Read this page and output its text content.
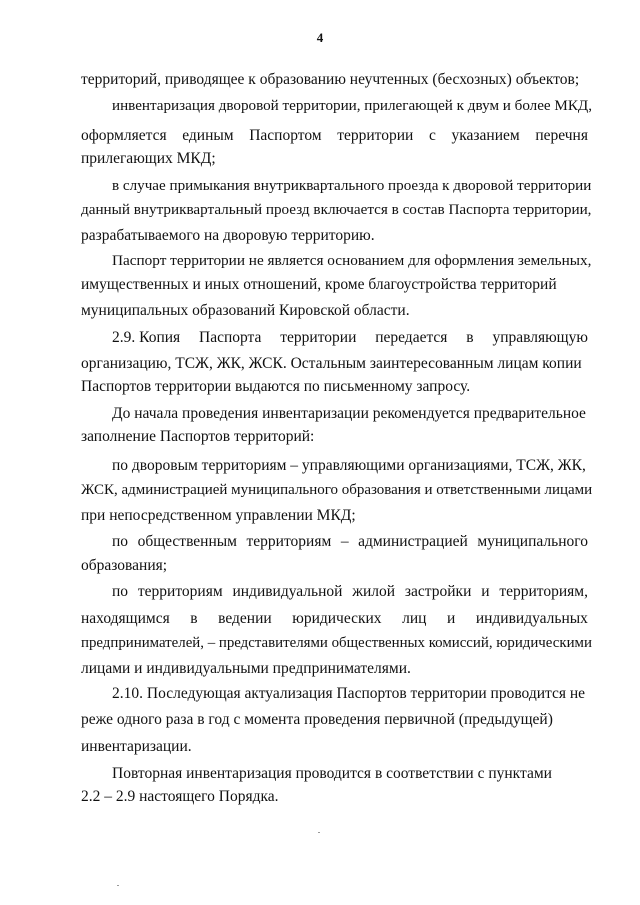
4
территорий, приводящее к образованию неучтенных (бесхозных) объектов;
инвентаризация дворовой территории, прилегающей к двум и более МКД,
оформляется единым Паспортом территории с указанием перечня
прилегающих МКД;
в случае примыкания внутриквартального проезда к дворовой территории
данный внутриквартальный проезд включается в состав Паспорта территории,
разрабатываемого на дворовую территорию.
Паспорт территории не является основанием для оформления земельных,
имущественных и иных отношений, кроме благоустройства территорий
муниципальных образований Кировской области.
2.9. Копия Паспорта территории передается в управляющую
организацию, ТСЖ, ЖК, ЖСК. Остальным заинтересованным лицам копии
Паспортов территории выдаются по письменному запросу.
До начала проведения инвентаризации рекомендуется предварительное
заполнение Паспортов территорий:
по дворовым территориям – управляющими организациями, ТСЖ, ЖК,
ЖСК, администрацией муниципального образования и ответственными лицами
при непосредственном управлении МКД;
по общественным территориям – администрацией муниципального
образования;
по территориям индивидуальной жилой застройки и территориям,
находящимся в ведении юридических лиц и индивидуальных
предпринимателей, – представителями общественных комиссий, юридическими
лицами и индивидуальными предпринимателями.
2.10. Последующая актуализация Паспортов территории проводится не
реже одного раза в год с момента проведения первичной (предыдущей)
инвентаризации.
Повторная инвентаризация проводится в соответствии с пунктами
2.2 – 2.9 настоящего Порядка.
